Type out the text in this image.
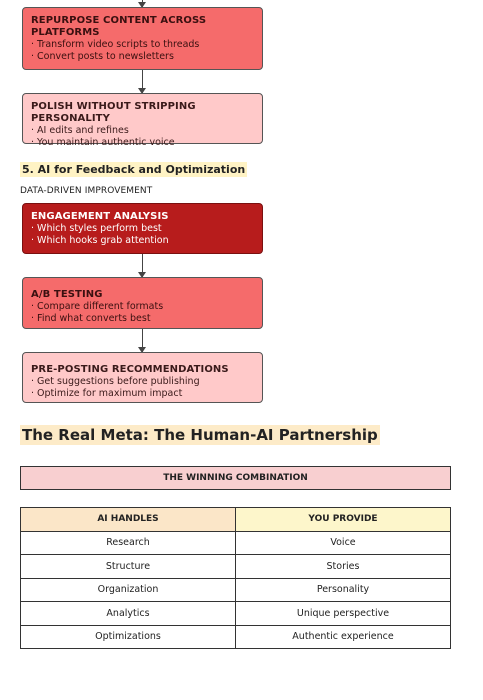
REPURPOSE CONTENT ACROSS
PLATFORMS
· Transform video scripts to threads
· Convert posts to newsletters
POLISH WITHOUT STRIPPING PERSONALITY
· AI edits and refines
· You maintain authentic voice
5. AI for Feedback and Optimization
DATA-DRIVEN IMPROVEMENT
ENGAGEMENT ANALYSIS
· Which styles perform best
· Which hooks grab attention
A/B TESTING
· Compare different formats
· Find what converts best
PRE-POSTING RECOMMENDATIONS
· Get suggestions before publishing
· Optimize for maximum impact
The Real Meta: The Human-AI Partnership
THE WINNING COMBINATION
AI HANDLES	YOU PROVIDE
Research	Voice
Structure	Stories
Organization	Personality
Analytics	Unique perspective
Optimizations	Authentic experience
